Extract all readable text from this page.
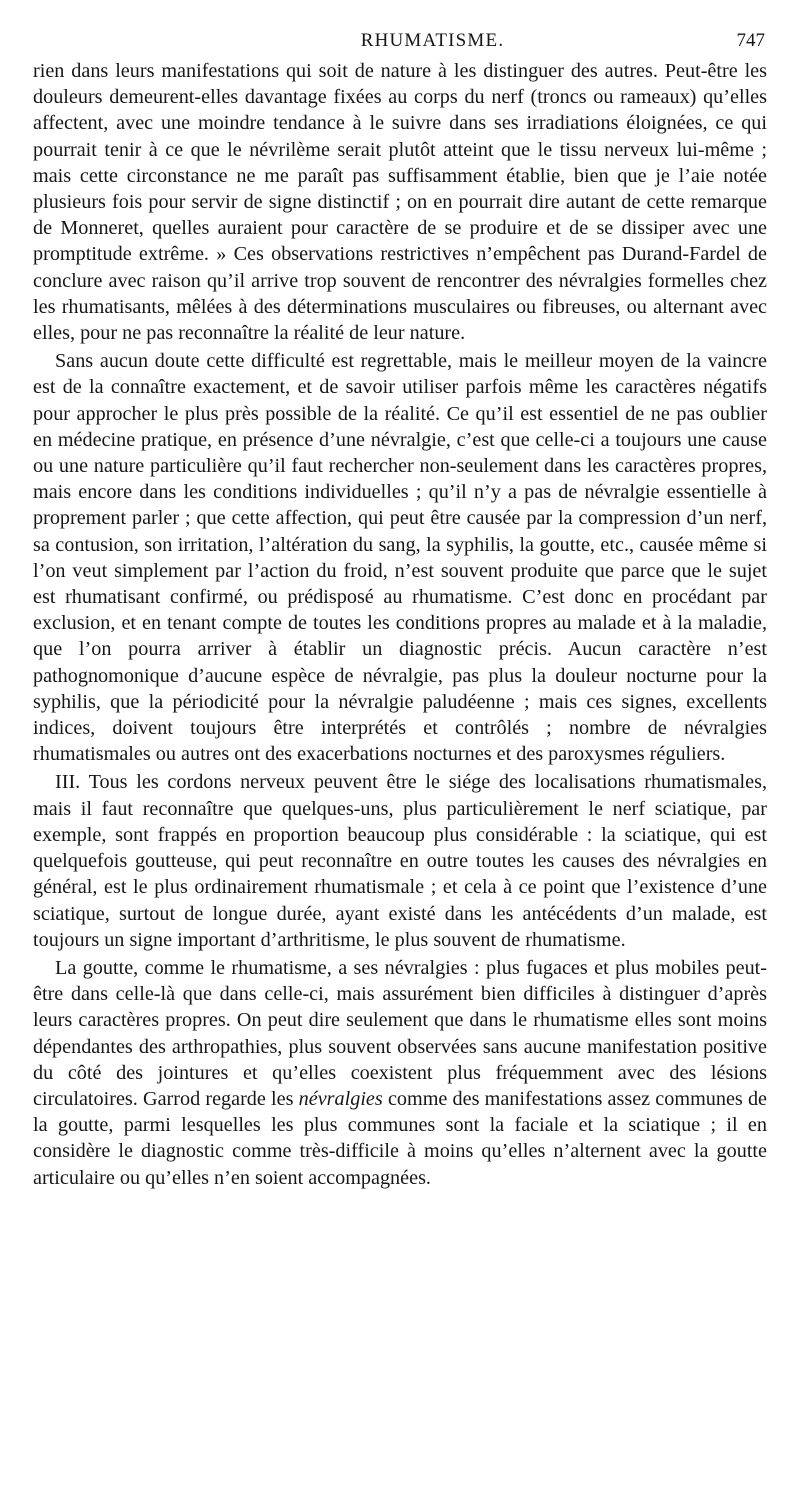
RHUMATISME.	747

rien dans leurs manifestations qui soit de nature à les distinguer des autres. Peut-être les douleurs demeurent-elles davantage fixées au corps du nerf (troncs ou rameaux) qu’elles affectent, avec une moindre tendance à le suivre dans ses irradiations éloignées, ce qui pourrait tenir à ce que le névrilème serait plutôt atteint que le tissu nerveux lui-même ; mais cette circonstance ne me paraît pas suffisamment établie, bien que je l’aie notée plusieurs fois pour servir de signe distinctif ; on en pourrait dire autant de cette remarque de Monneret, quelles auraient pour caractère de se produire et de se dissiper avec une promptitude extrême. » Ces observations restrictives n’empêchent pas Durand-Fardel de conclure avec raison qu’il arrive trop souvent de rencontrer des névralgies formelles chez les rhumatisants, mêlées à des déterminations musculaires ou fibreuses, ou alternant avec elles, pour ne pas reconnaître la réalité de leur nature.

Sans aucun doute cette difficulté est regrettable, mais le meilleur moyen de la vaincre est de la connaître exactement, et de savoir utiliser parfois même les caractères négatifs pour approcher le plus près possible de la réalité. Ce qu’il est essentiel de ne pas oublier en médecine pratique, en présence d’une névralgie, c’est que celle-ci a toujours une cause ou une nature particulière qu’il faut rechercher non-seulement dans les caractères propres, mais encore dans les conditions individuelles ; qu’il n’y a pas de névralgie essentielle à proprement parler ; que cette affection, qui peut être causée par la compression d’un nerf, sa contusion, son irritation, l’altération du sang, la syphilis, la goutte, etc., causée même si l’on veut simplement par l’action du froid, n’est souvent produite que parce que le sujet est rhumatisant confirmé, ou prédisposé au rhumatisme. C’est donc en procédant par exclusion, et en tenant compte de toutes les conditions propres au malade et à la maladie, que l’on pourra arriver à établir un diagnostic précis. Aucun caractère n’est pathognomonique d’aucune espèce de névralgie, pas plus la douleur nocturne pour la syphilis, que la périodicité pour la névralgie paludéenne ; mais ces signes, excellents indices, doivent toujours être interprétés et contrôlés ; nombre de névralgies rhumatismales ou autres ont des exacerbations nocturnes et des paroxysmes réguliers.

III. Tous les cordons nerveux peuvent être le siége des localisations rhumatismales, mais il faut reconnaître que quelques-uns, plus particulièrement le nerf sciatique, par exemple, sont frappés en proportion beaucoup plus considérable : la sciatique, qui est quelquefois goutteuse, qui peut reconnaître en outre toutes les causes des névralgies en général, est le plus ordinairement rhumatismale ; et cela à ce point que l’existence d’une sciatique, surtout de longue durée, ayant existé dans les antécédents d’un malade, est toujours un signe important d’arthritisme, le plus souvent de rhumatisme.

La goutte, comme le rhumatisme, a ses névralgies : plus fugaces et plus mobiles peut-être dans celle-là que dans celle-ci, mais assurément bien difficiles à distinguer d’après leurs caractères propres. On peut dire seulement que dans le rhumatisme elles sont moins dépendantes des arthropathies, plus souvent observées sans aucune manifestation positive du côté des jointures et qu’elles coexistent plus fréquemment avec des lésions circulatoires. Garrod regarde les névralgies comme des manifestations assez communes de la goutte, parmi lesquelles les plus communes sont la faciale et la sciatique ; il en considère le diagnostic comme très-difficile à moins qu’elles n’alternent avec la goutte articulaire ou qu’elles n’en soient accompagnées.
